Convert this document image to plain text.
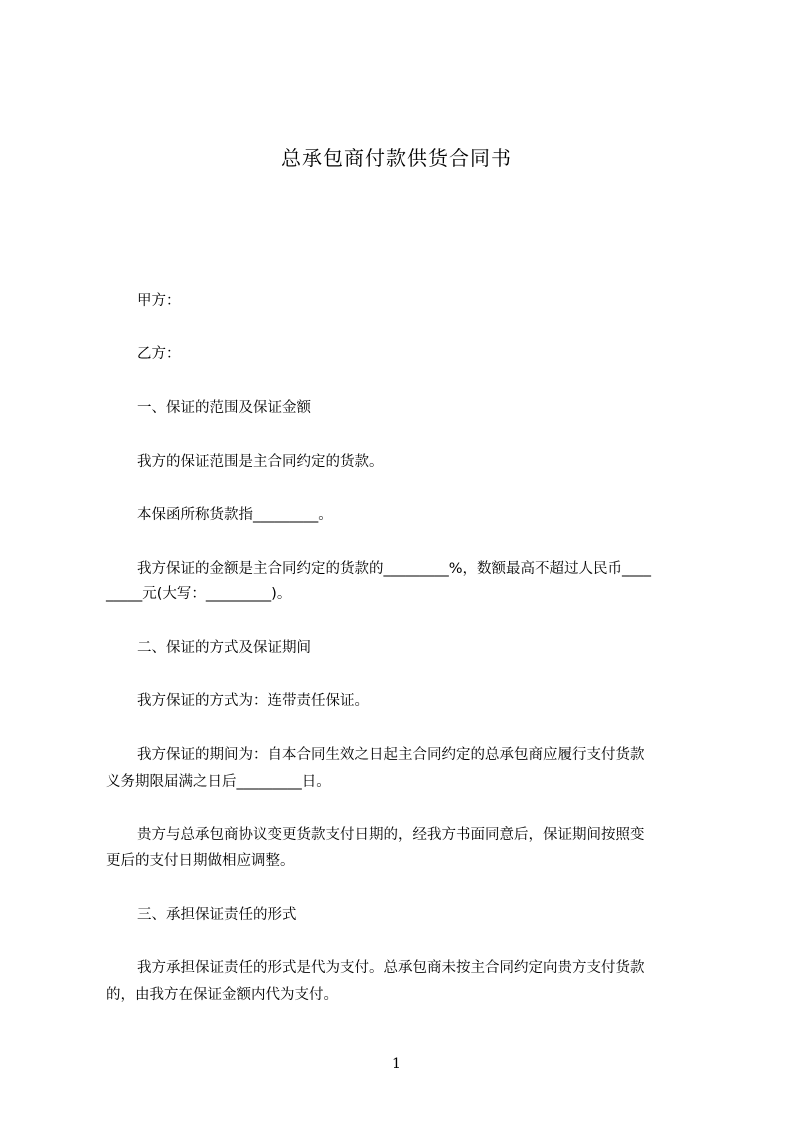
总承包商付款供货合同书
甲方：
乙方：
一、保证的范围及保证金额
我方的保证范围是主合同约定的货款。
本保函所称货款指_________。
我方保证的金额是主合同约定的货款的_________%，数额最高不超过人民币____
_____元(大写：_________)。
二、保证的方式及保证期间
我方保证的方式为：连带责任保证。
我方保证的期间为：自本合同生效之日起主合同约定的总承包商应履行支付货款
义务期限届满之日后_________日。
贵方与总承包商协议变更货款支付日期的，经我方书面同意后，保证期间按照变
更后的支付日期做相应调整。
三、承担保证责任的形式
我方承担保证责任的形式是代为支付。总承包商未按主合同约定向贵方支付货款
的，由我方在保证金额内代为支付。
1
